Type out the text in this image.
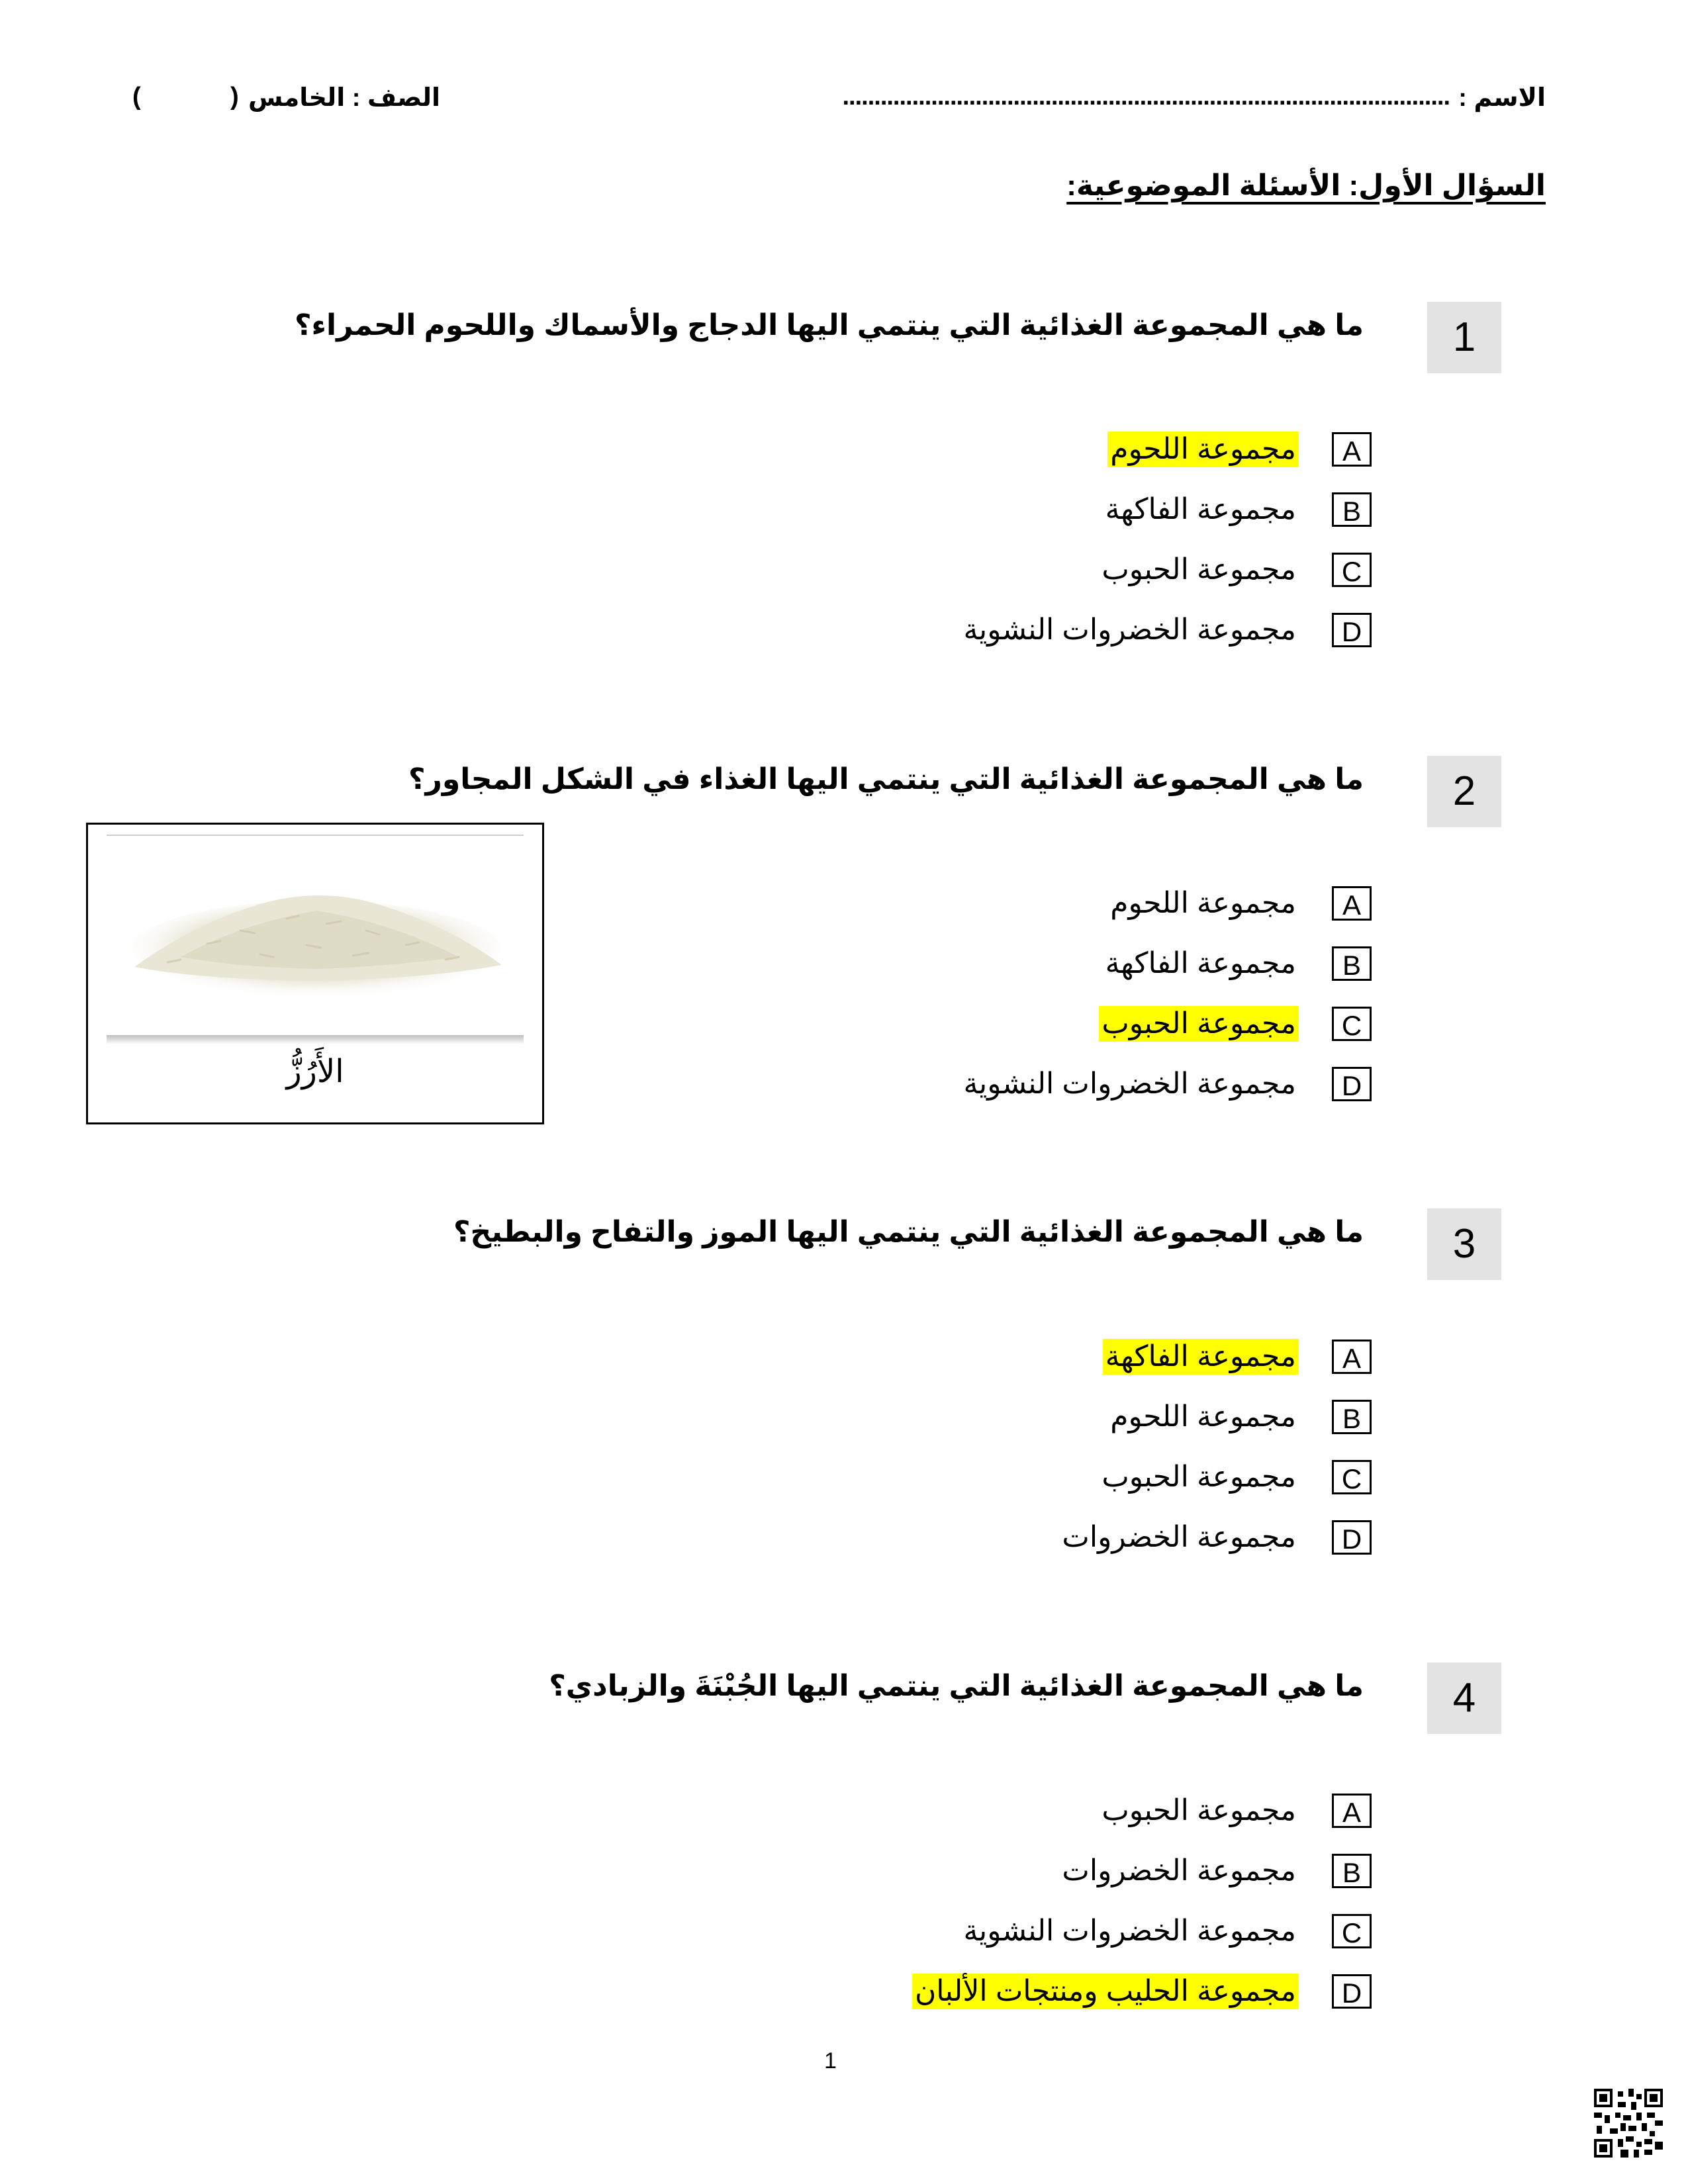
الاسم :
................................................................................................
الصف : الخامس
(
)
السؤال الأول: الأسئلة الموضوعية:
1
ما هي المجموعة الغذائية التي ينتمي اليها الدجاج والأسماك واللحوم الحمراء؟
A
مجموعة اللحوم
B
مجموعة الفاكهة
C
مجموعة الحبوب
D
مجموعة الخضروات النشوية
2
ما هي المجموعة الغذائية التي ينتمي اليها الغذاء في الشكل المجاور؟
الأَرُزُّ
A
مجموعة اللحوم
B
مجموعة الفاكهة
C
مجموعة الحبوب
D
مجموعة الخضروات النشوية
3
ما هي المجموعة الغذائية التي ينتمي اليها الموز والتفاح والبطيخ؟
A
مجموعة الفاكهة
B
مجموعة اللحوم
C
مجموعة الحبوب
D
مجموعة الخضروات
4
ما هي المجموعة الغذائية التي ينتمي اليها الجُبْنَةَ والزبادي؟
A
مجموعة الحبوب
B
مجموعة الخضروات
C
مجموعة الخضروات النشوية
D
مجموعة الحليب ومنتجات الألبان
1
